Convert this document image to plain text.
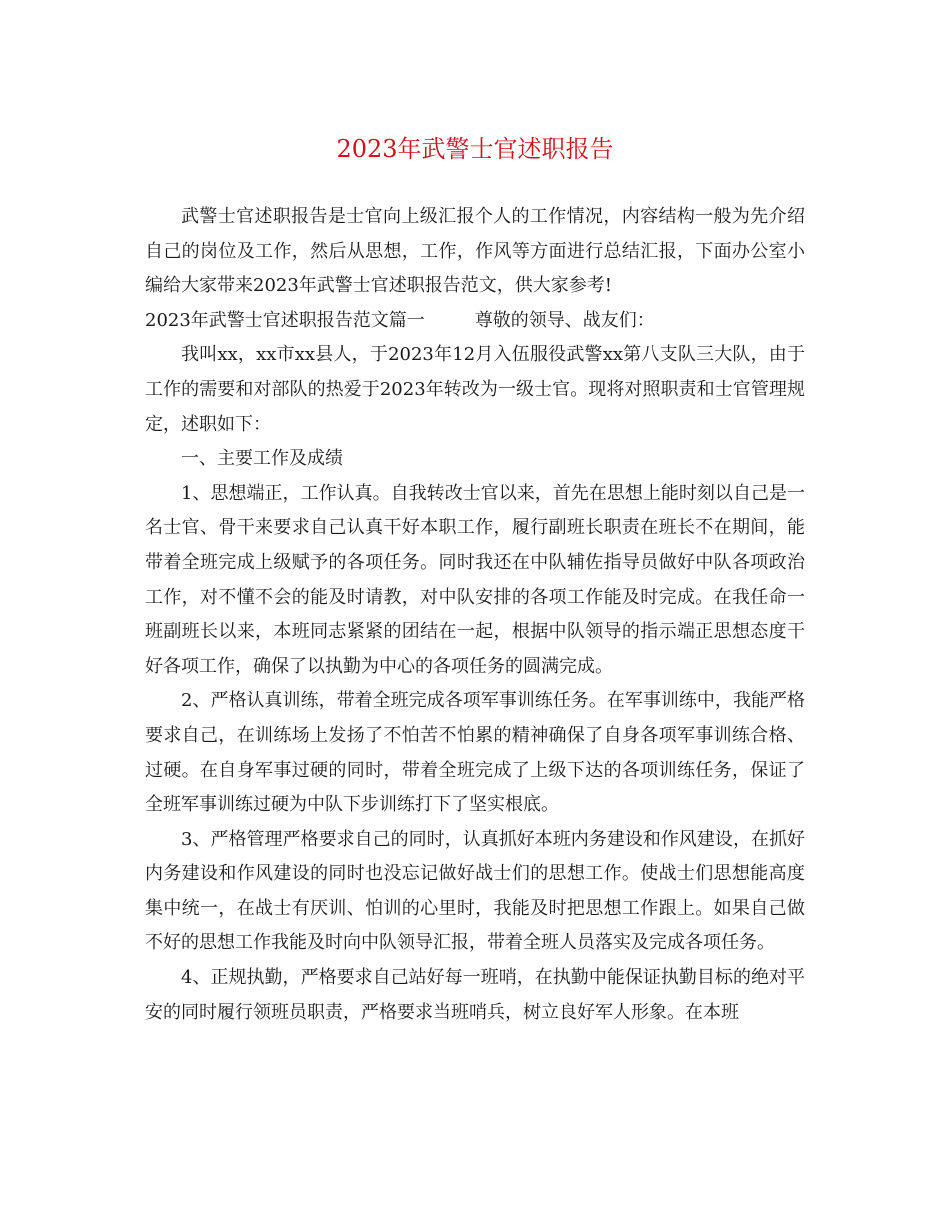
2023年武警士官述职报告

武警士官述职报告是士官向上级汇报个人的工作情况，内容结构一般为先介绍自己的岗位及工作，然后从思想，工作，作风等方面进行总结汇报，下面办公室小编给大家带来2023年武警士官述职报告范文，供大家参考!

2023年武警士官述职报告范文篇一	尊敬的领导、战友们：

我叫xx，xx市xx县人，于2023年12月入伍服役武警xx第八支队三大队，由于工作的需要和对部队的热爱于2023年转改为一级士官。现将对照职责和士官管理规定，述职如下：

一、主要工作及成绩

1、思想端正，工作认真。自我转改士官以来，首先在思想上能时刻以自己是一名士官、骨干来要求自己认真干好本职工作，履行副班长职责在班长不在期间，能带着全班完成上级赋予的各项任务。同时我还在中队辅佐指导员做好中队各项政治工作，对不懂不会的能及时请教，对中队安排的各项工作能及时完成。在我任命一班副班长以来，本班同志紧紧的团结在一起，根据中队领导的指示端正思想态度干好各项工作，确保了以执勤为中心的各项任务的圆满完成。

2、严格认真训练，带着全班完成各项军事训练任务。在军事训练中，我能严格要求自己，在训练场上发扬了不怕苦不怕累的精神确保了自身各项军事训练合格、过硬。在自身军事过硬的同时，带着全班完成了上级下达的各项训练任务，保证了全班军事训练过硬为中队下步训练打下了坚实根底。

3、严格管理严格要求自己的同时，认真抓好本班内务建设和作风建设，在抓好内务建设和作风建设的同时也没忘记做好战士们的思想工作。使战士们思想能高度集中统一，在战士有厌训、怕训的心里时，我能及时把思想工作跟上。如果自己做不好的思想工作我能及时向中队领导汇报，带着全班人员落实及完成各项任务。

4、正规执勤，严格要求自己站好每一班哨，在执勤中能保证执勤目标的绝对平安的同时履行领班员职责，严格要求当班哨兵，树立良好军人形象。在本班
